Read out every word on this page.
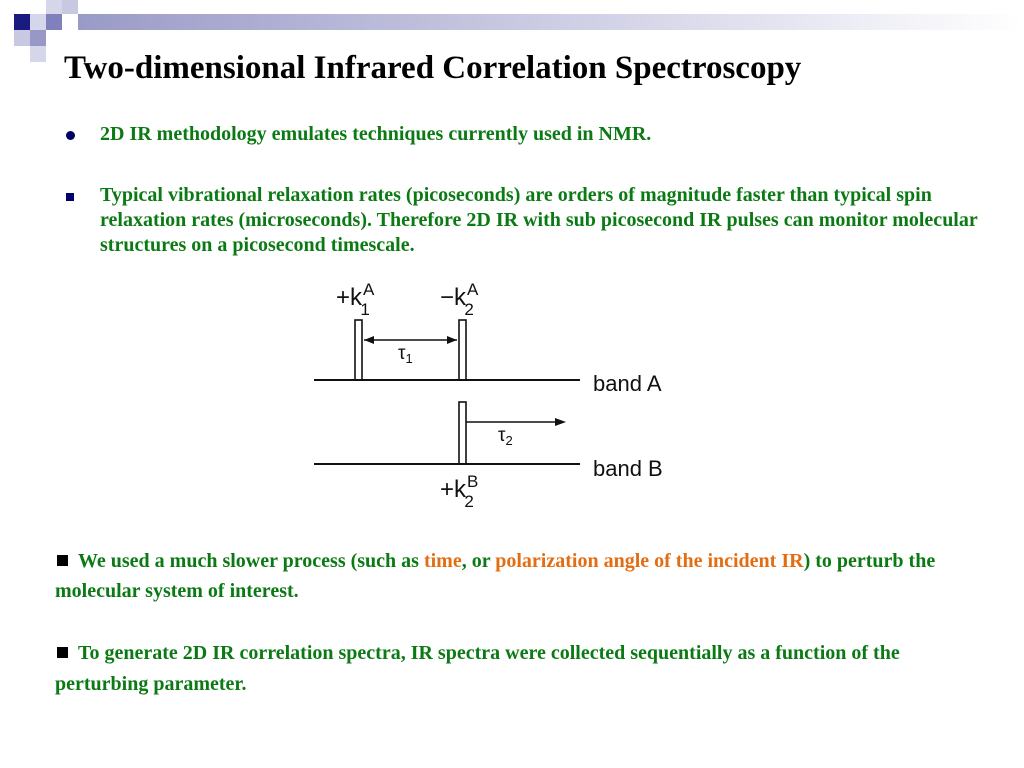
Two-dimensional Infrared Correlation Spectroscopy
2D IR methodology emulates techniques currently used in NMR.
Typical vibrational relaxation rates (picoseconds) are orders of magnitude faster than typical spin relaxation rates (microseconds). Therefore 2D IR with sub picosecond IR pulses can monitor molecular structures on a picosecond timescale.
$+k^A$ 1	$-k^A$ 2
$\tau_1$
band A
$\tau_2$
band B
$+k^B$ 2
We used a much slower process (such as time, or polarization angle of the incident IR) to perturb the molecular system of interest.
To generate 2D IR correlation spectra, IR spectra were collected sequentially as a function of the perturbing parameter.
